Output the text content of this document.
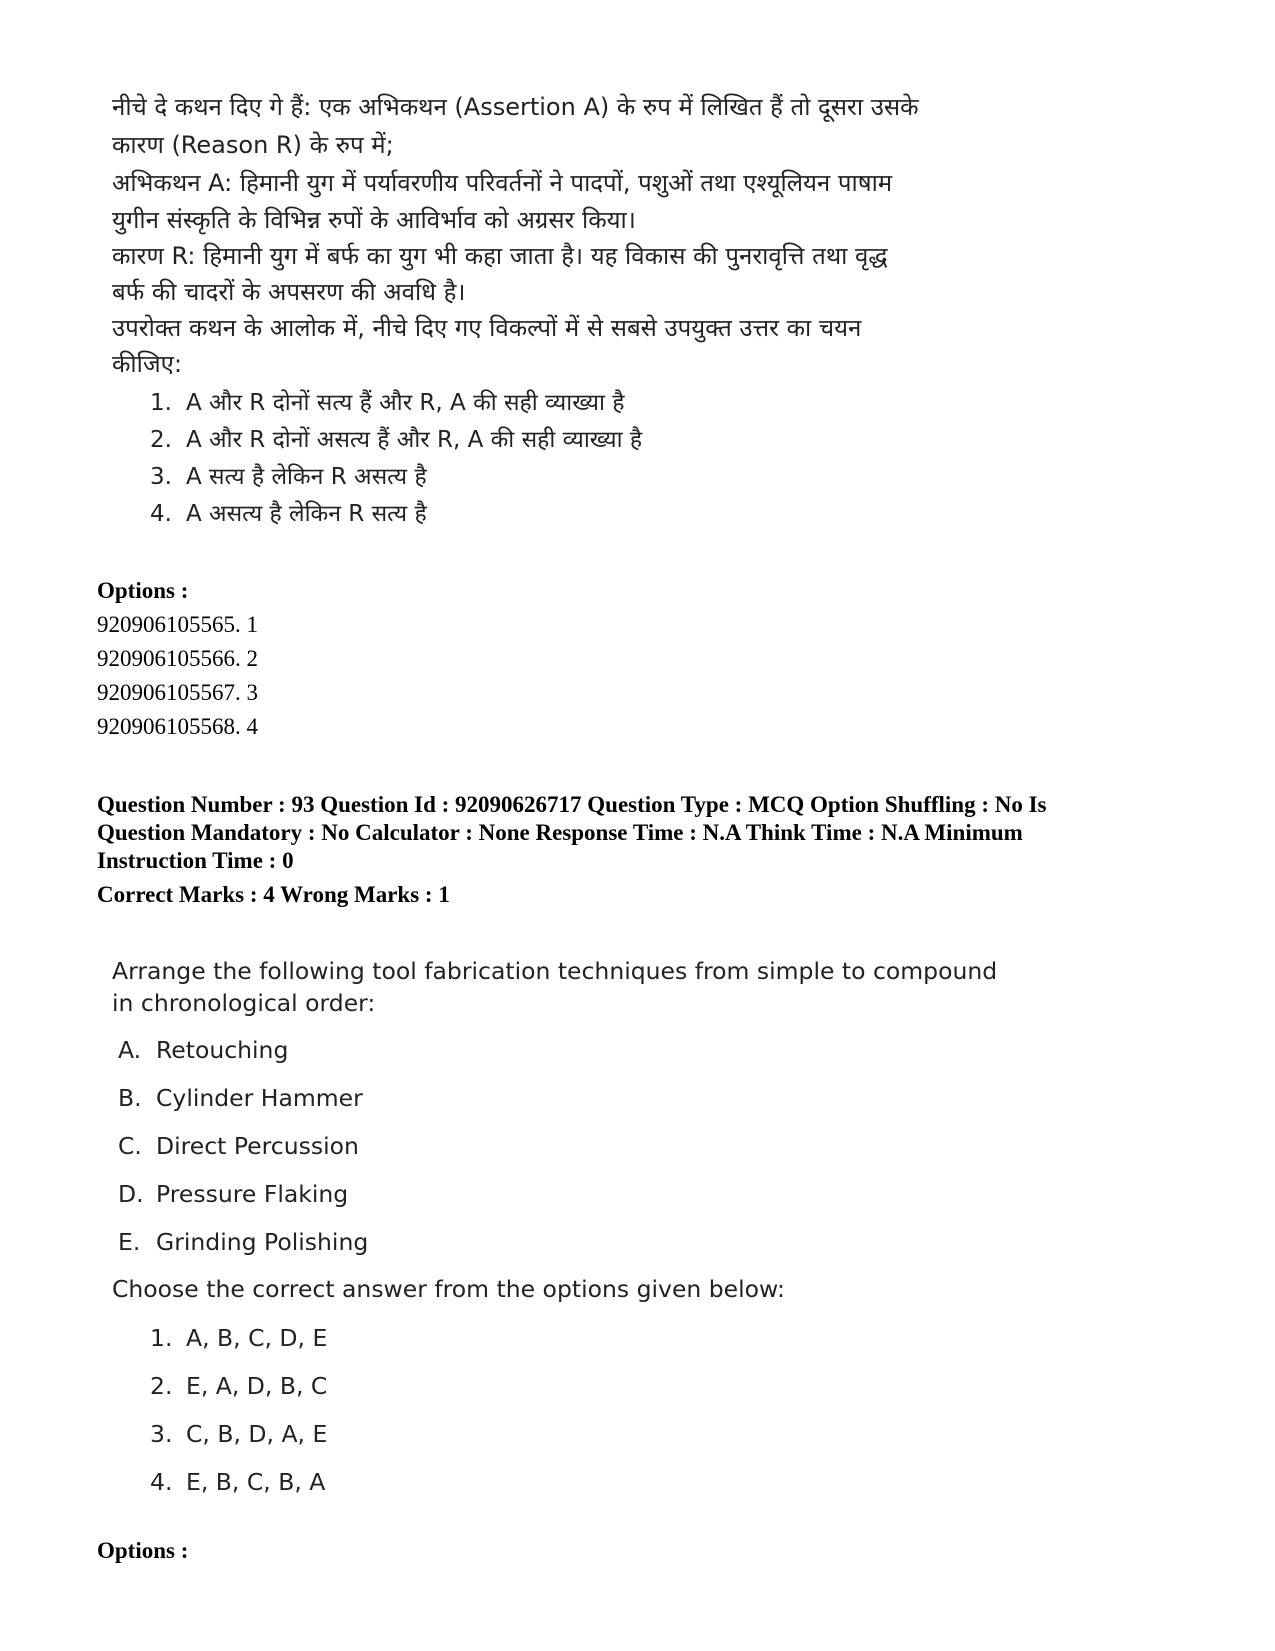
नीचे दे कथन दिए गे हैं: एक अभिकथन (Assertion A) के रुप में लिखित हैं तो दूसरा उसके
कारण (Reason R) के रुप में;
अभिकथन A: हिमानी युग में पर्यावरणीय परिवर्तनों ने पादपों, पशुओं तथा एश्यूलियन पाषाम
युगीन संस्कृति के विभिन्न रुपों के आविर्भाव को अग्रसर किया।
कारण R: हिमानी युग में बर्फ का युग भी कहा जाता है। यह विकास की पुनरावृत्ति तथा वृद्ध
बर्फ की चादरों के अपसरण की अवधि है।
उपरोक्त कथन के आलोक में, नीचे दिए गए विकल्पों में से सबसे उपयुक्त उत्तर का चयन
कीजिए:
1. A और R दोनों सत्य हैं और R, A की सही व्याख्या है
2. A और R दोनों असत्य हैं और R, A की सही व्याख्या है
3. A सत्य है लेकिन R असत्य है
4. A असत्य है लेकिन R सत्य है
Options :
920906105565. 1
920906105566. 2
920906105567. 3
920906105568. 4
Question Number : 93 Question Id : 92090626717 Question Type : MCQ Option Shuffling : No Is
Question Mandatory : No Calculator : None Response Time : N.A Think Time : N.A Minimum
Instruction Time : 0
Correct Marks : 4 Wrong Marks : 1
Arrange the following tool fabrication techniques from simple to compound
in chronological order:
A. Retouching
B. Cylinder Hammer
C. Direct Percussion
D. Pressure Flaking
E. Grinding Polishing
Choose the correct answer from the options given below:
1. A, B, C, D, E
2. E, A, D, B, C
3. C, B, D, A, E
4. E, B, C, B, A
Options :
